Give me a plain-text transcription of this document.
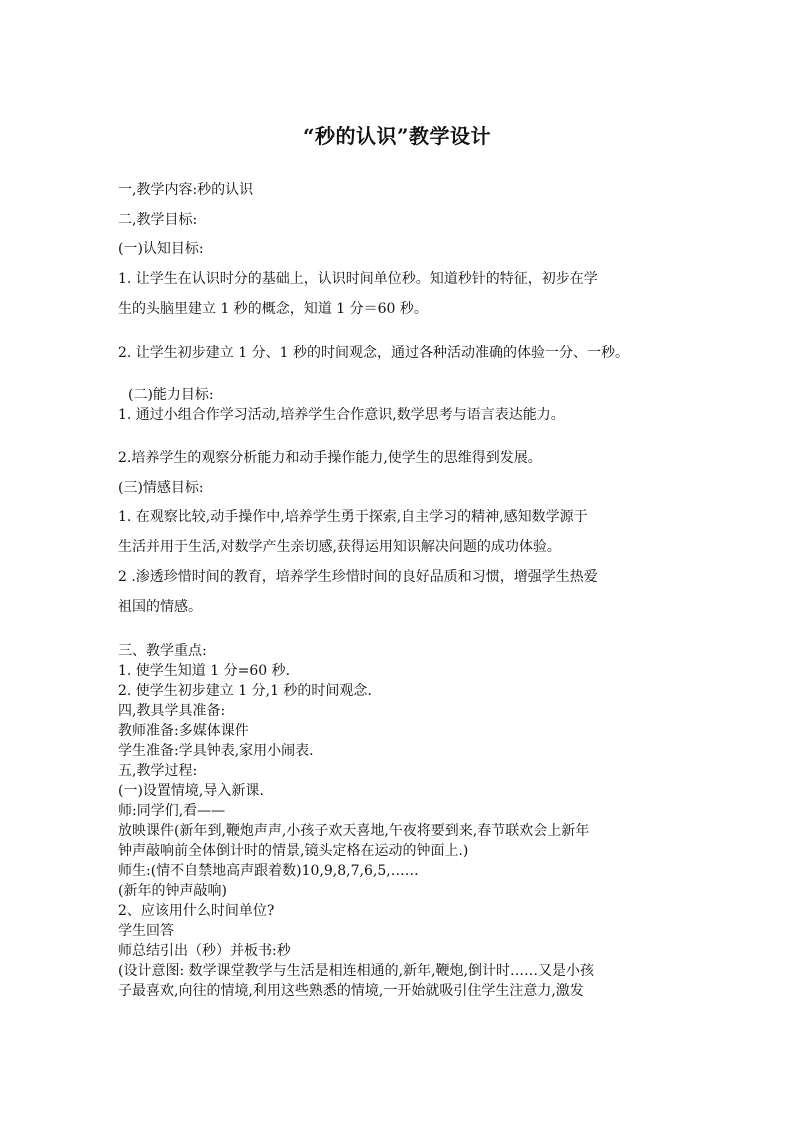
“秒的认识”教学设计
一,教学内容:秒的认识
二,教学目标:
(一)认知目标:
1. 让学生在认识时分的基础上，认识时间单位秒。知道秒针的特征，初步在学
生的头脑里建立 1 秒的概念，知道 1 分＝60 秒。
2. 让学生初步建立 1 分、1 秒的时间观念，通过各种活动准确的体验一分、一秒。
(二)能力目标:
1. 通过小组合作学习活动,培养学生合作意识,数学思考与语言表达能力。
2.培养学生的观察分析能力和动手操作能力,使学生的思维得到发展。
(三)情感目标:
1. 在观察比较,动手操作中,培养学生勇于探索,自主学习的精神,感知数学源于
生活并用于生活,对数学产生亲切感,获得运用知识解决问题的成功体验。
2 .渗透珍惜时间的教育，培养学生珍惜时间的良好品质和习惯，增强学生热爱
祖国的情感。
三、教学重点:
1. 使学生知道 1 分=60 秒.
2. 使学生初步建立 1 分,1 秒的时间观念.
四,教具学具准备:
教师准备:多媒体课件
学生准备:学具钟表,家用小闹表.
五,教学过程:
(一)设置情境,导入新课.
师:同学们,看——
放映课件(新年到,鞭炮声声,小孩子欢天喜地,午夜将要到来,春节联欢会上新年
钟声敲响前全体倒计时的情景,镜头定格在运动的钟面上.)
师生:(情不自禁地高声跟着数)10,9,8,7,6,5,……
(新年的钟声敲响)
2、应该用什么时间单位?
学生回答
师总结引出（秒）并板书:秒
(设计意图: 数学课堂教学与生活是相连相通的,新年,鞭炮,倒计时……又是小孩
子最喜欢,向往的情境,利用这些熟悉的情境,一开始就吸引住学生注意力,激发
